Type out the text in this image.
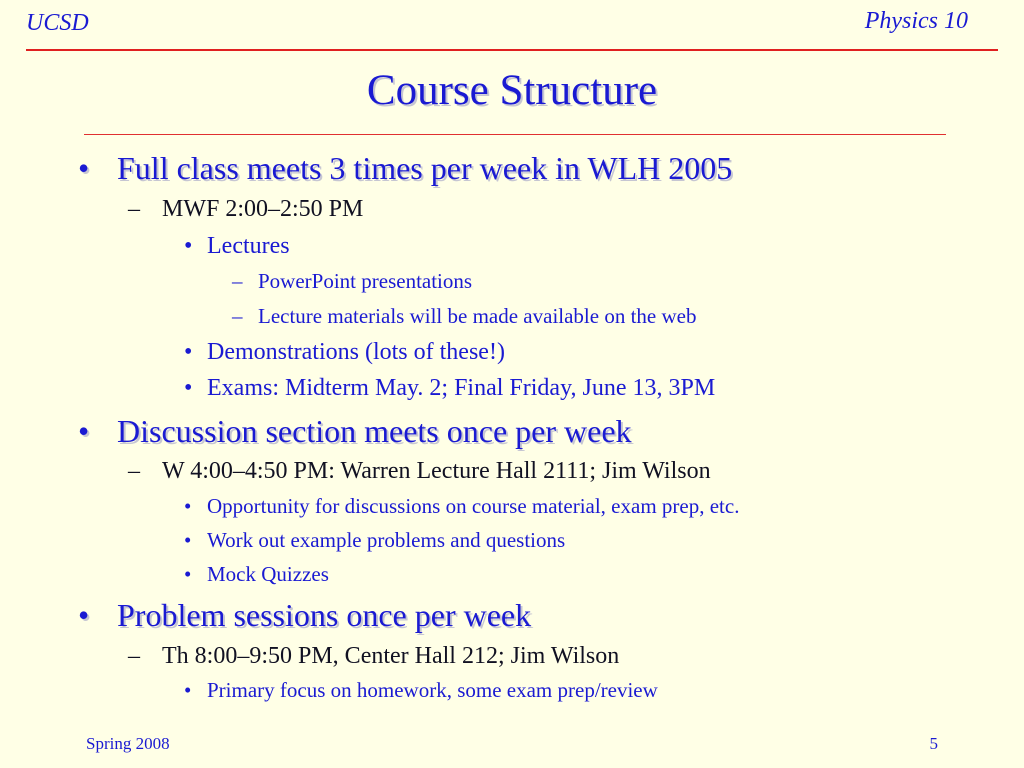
UCSD	Physics 10
Course Structure
• Full class meets 3 times per week in WLH 2005
– MWF 2:00–2:50 PM
• Lectures
– PowerPoint presentations
– Lecture materials will be made available on the web
• Demonstrations (lots of these!)
• Exams: Midterm May. 2; Final Friday, June 13, 3PM
• Discussion section meets once per week
– W 4:00–4:50 PM: Warren Lecture Hall 2111; Jim Wilson
• Opportunity for discussions on course material, exam prep, etc.
• Work out example problems and questions
• Mock Quizzes
• Problem sessions once per week
– Th 8:00–9:50 PM, Center Hall 212; Jim Wilson
• Primary focus on homework, some exam prep/review
Spring 2008	5
